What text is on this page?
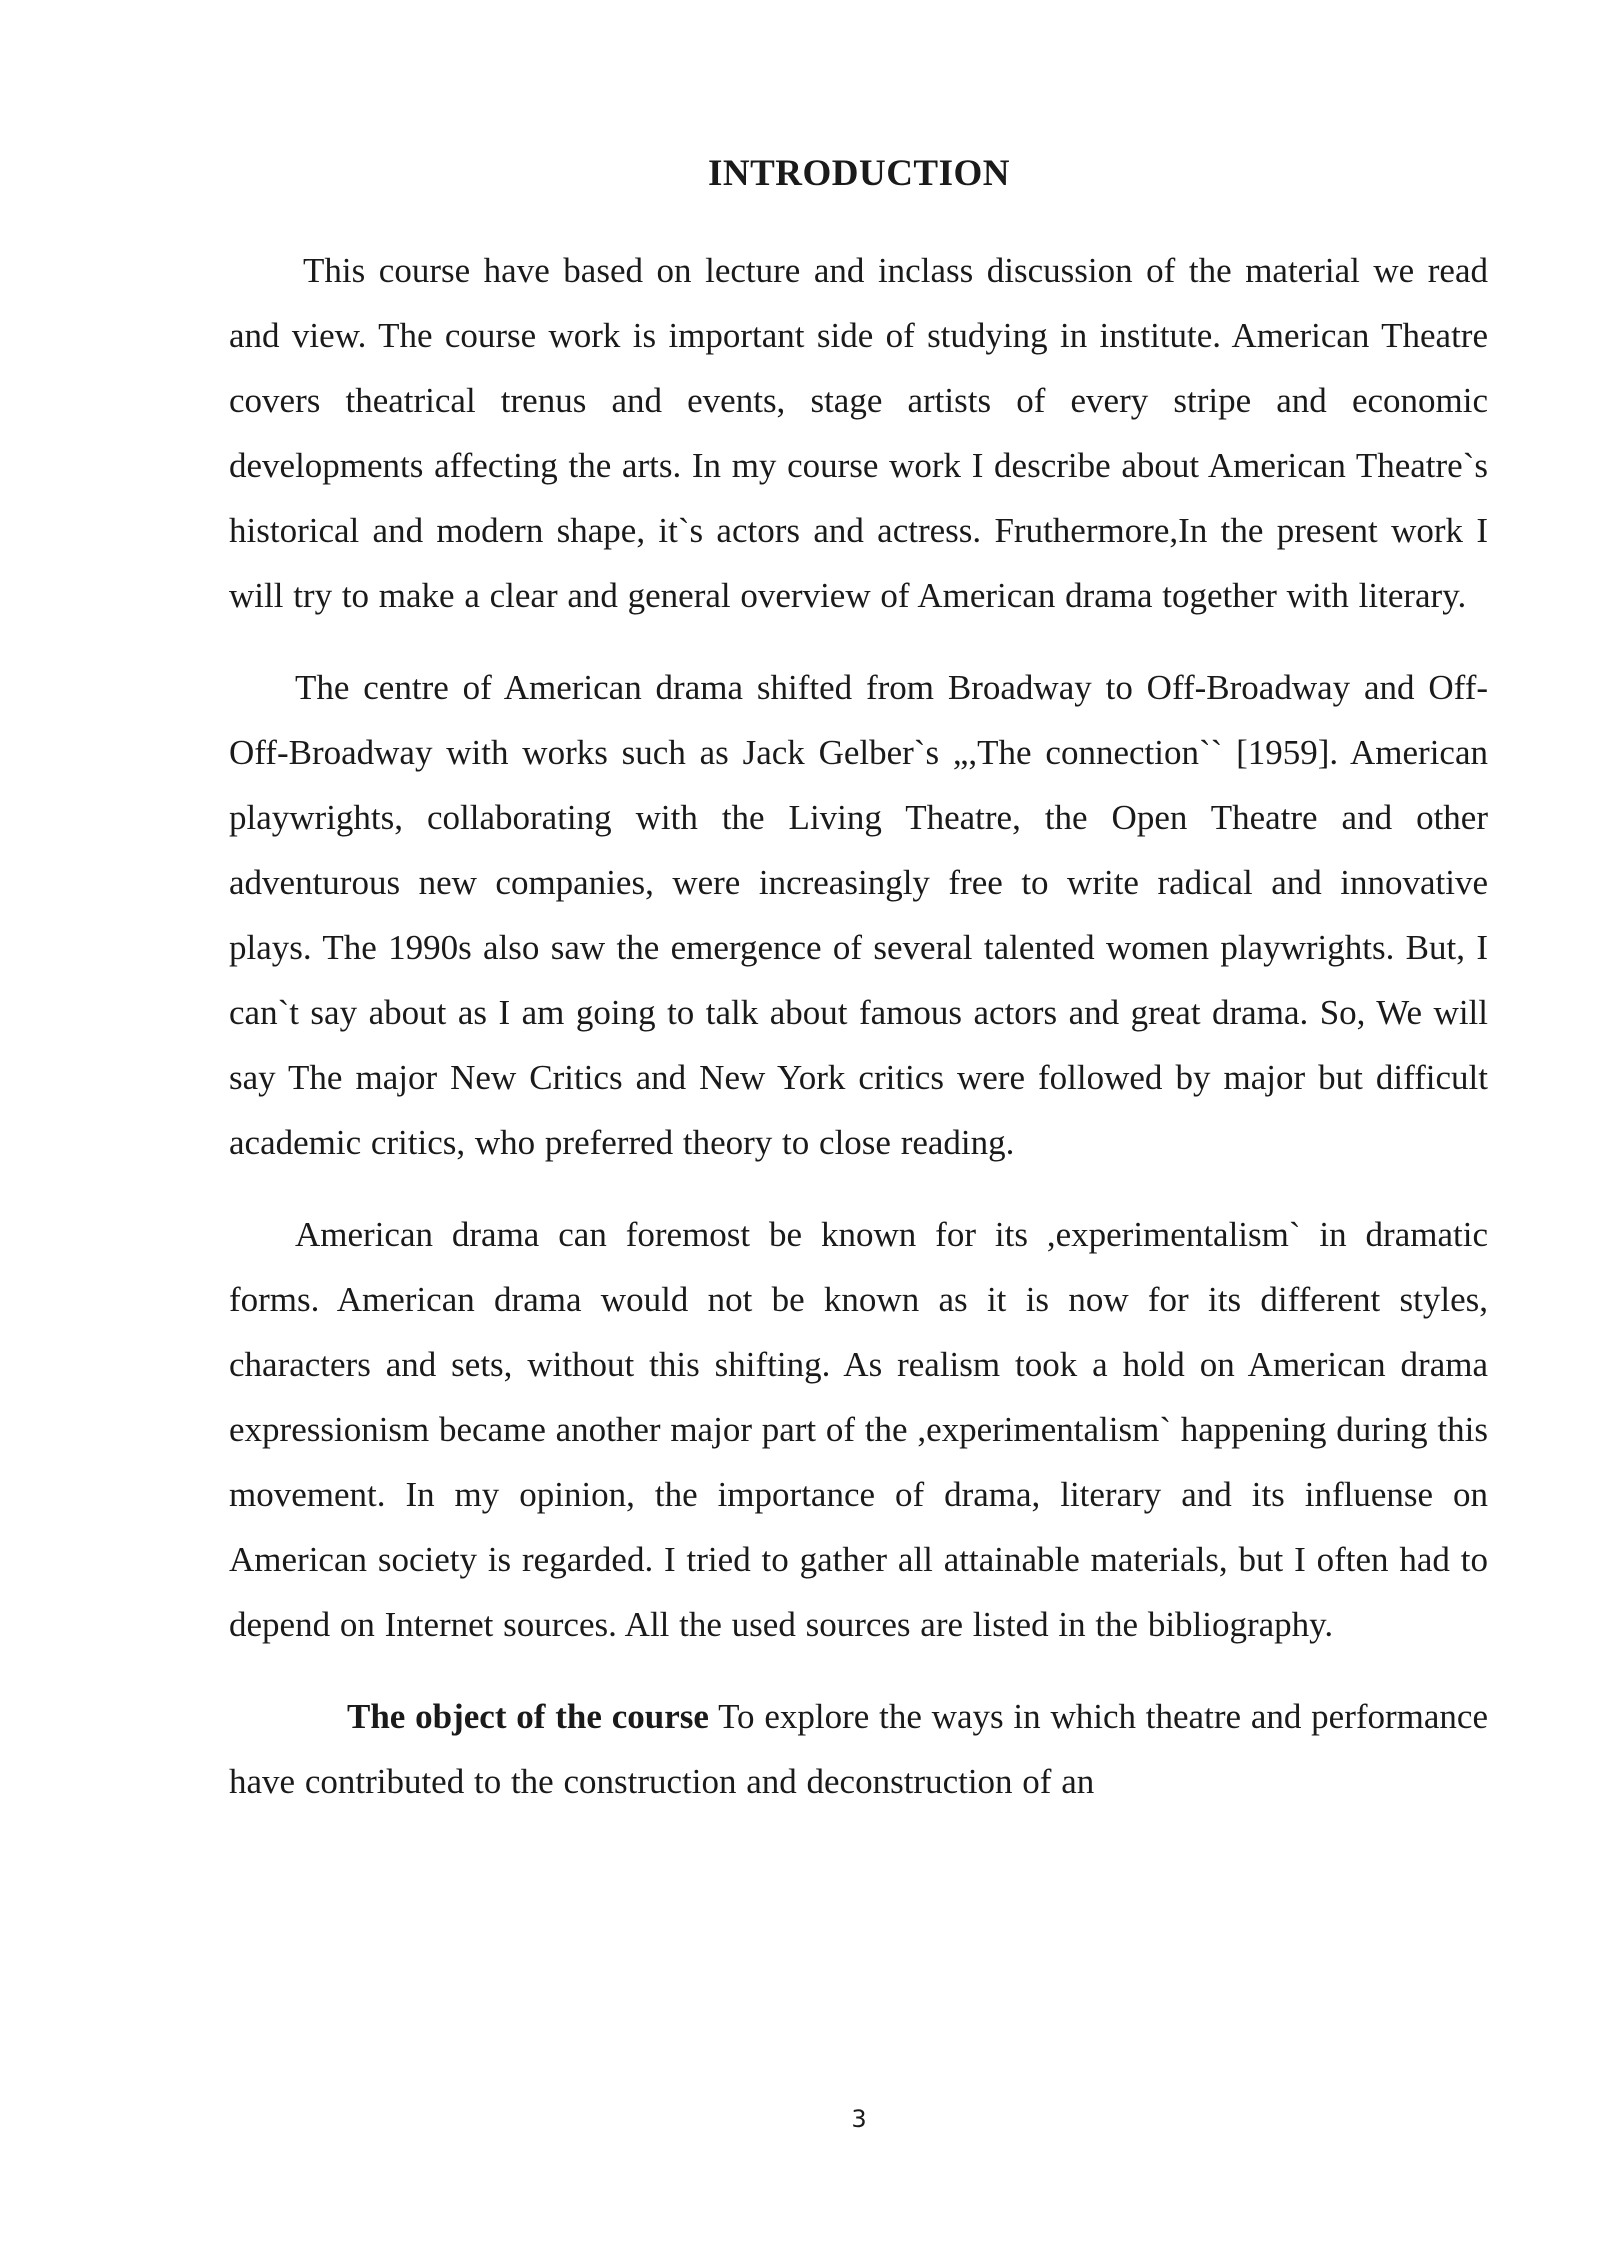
INTRODUCTION

This course have based on lecture and inclass discussion of the material we read and view. The course work is important side of studying in institute. American Theatre covers theatrical trenus and events, stage artists of every stripe and economic developments affecting the arts. In my course work I describe about American Theatre`s historical and modern shape, it`s actors and actress. Fruthermore,In the present work I will try to make a clear and general overview of American drama together with literary.

The centre of American drama shifted from Broadway to Off-Broadway and Off-Off-Broadway with works such as Jack Gelber`s „,The connection`` [1959]. American playwrights, collaborating with the Living Theatre, the Open Theatre and other adventurous new companies, were increasingly free to write radical and innovative plays. The 1990s also saw the emergence of several talented women playwrights. But, I can`t say about as I am going to talk about famous actors and great drama. So, We will say The major New Critics and New York critics were followed by major but difficult academic critics, who preferred theory to close reading.

American drama can foremost be known for its ,experimentalism` in dramatic forms. American drama would not be known as it is now for its different styles, characters and sets, without this shifting. As realism took a hold on American drama expressionism became another major part of the ,experimentalism` happening during this movement. In my opinion, the importance of drama, literary and its influense on American society is regarded. I tried to gather all attainable materials, but I often had to depend on Internet sources. All the used sources are listed in the bibliography.

The object of the course To explore the ways in which theatre and performance have contributed to the construction and deconstruction of an

3
